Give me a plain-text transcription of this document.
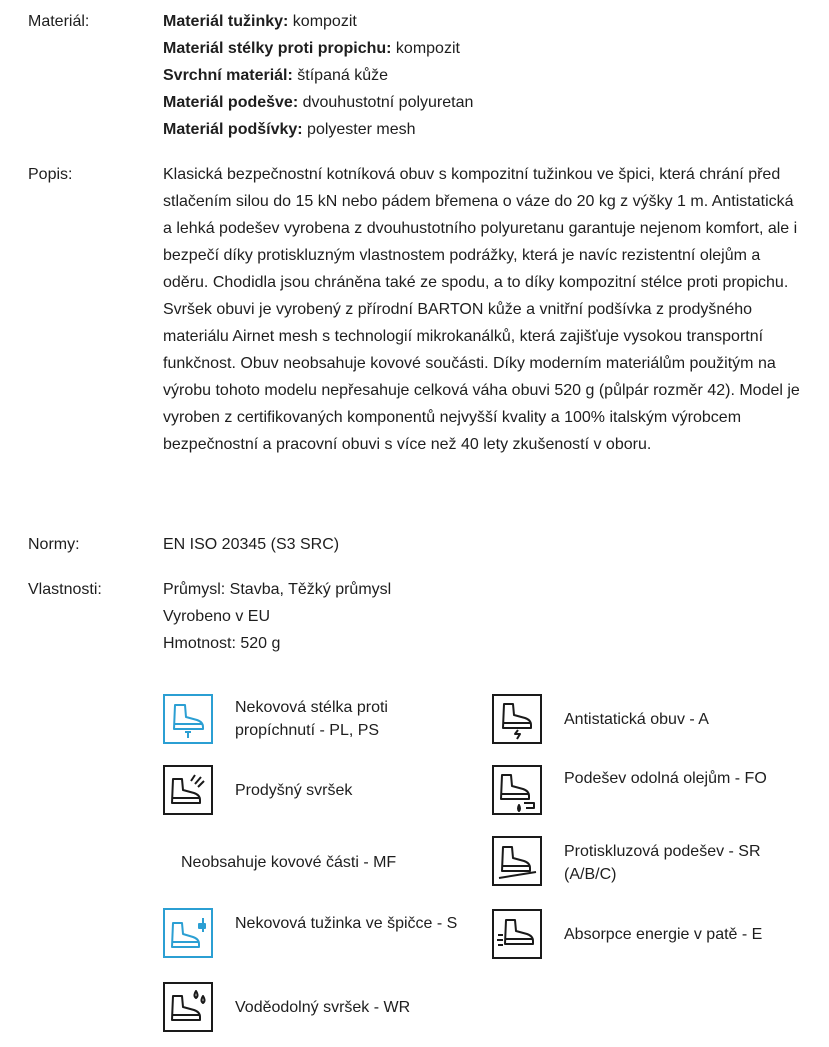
Materiál:	Materiál tužinky: kompozit
Materiál stélky proti propichu: kompozit
Svrchní materiál: štípaná kůže
Materiál podešve: dvouhustotní polyuretan
Materiál podšívky: polyester mesh
Popis:	Klasická bezpečnostní kotníková obuv s kompozitní tužinkou ve špici, která chrání před stlačením silou do 15 kN nebo pádem břemena o váze do 20 kg z výšky 1 m. Antistatická a lehká podešev vyrobena z dvouhustotního polyuretanu garantuje nejenom komfort, ale i bezpečí díky protiskluzným vlastnostem podrážky, která je navíc rezistentní olejům a oděru. Chodidla jsou chráněna také ze spodu, a to díky kompozitní stélce proti propichu. Svršek obuvi je vyrobený z přírodní BARTON kůže a vnitřní podšívka z prodyšného materiálu Airnet mesh s technologií mikrokanálků, která zajišťuje vysokou transportní funkčnost. Obuv neobsahuje kovové součásti. Díky moderním materiálům použitým na výrobu tohoto modelu nepřesahuje celková váha obuvi 520 g (půlpár rozměr 42). Model je vyroben z certifikovaných komponentů nejvyšší kvality a 100% italským výrobcem bezpečnostní a pracovní obuvi s více než 40 lety zkušeností v oboru.
Normy:	EN ISO 20345 (S3 SRC)
Vlastnosti:	Průmysl: Stavba, Těžký průmysl
Vyrobeno v EU
Hmotnost: 520 g
Nekovová stélka proti propíchnutí - PL, PS
Prodyšný svršek
Neobsahuje kovové části - MF
Nekovová tužinka ve špičce - S
Voděodolný svršek - WR
Antistatická obuv - A
Podešev odolná olejům - FO
Protiskluzová podešev - SR (A/B/C)
Absorpce energie v patě - E
